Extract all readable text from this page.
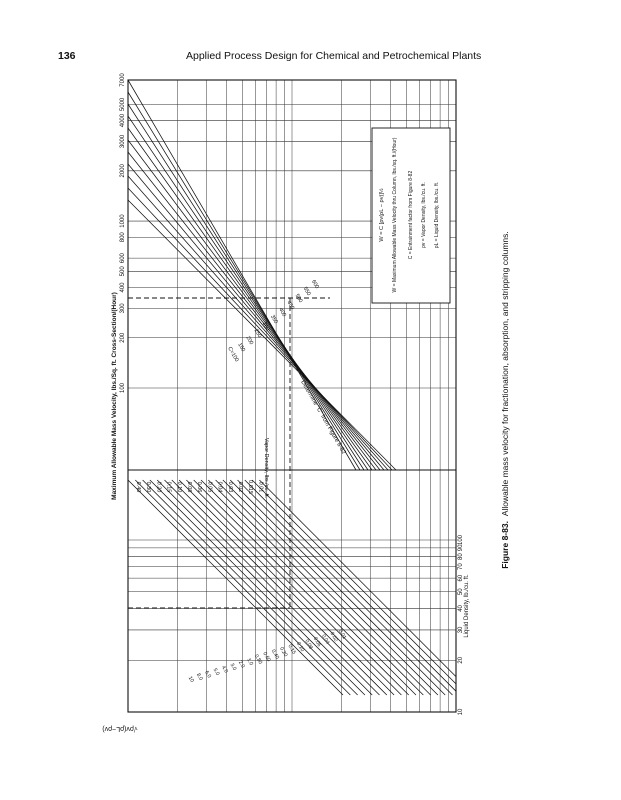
136	Applied Process Design for Chemical and Petrochemical Plants
100
200
300
400
500
600
800
1000
2000
3000
4000
5000
7000
10
20
30
40
50
60
70
80
90
100
0.40 0.30 0.20 0.15 0.10 0.08 0.06 0.05 0.04 0.03 0.02 0.015 0.01
10 8.0 6.0 5.0 4.0 3.0 2.0 1.0
0.80
0.60
0.40
0.20
0.15
0.10
0.08
0.06
0.04
0.02
0.01
C=100
150
200
250
300
350
400
450
500
550
600
Maximum Allowable Mass Velocity, lbs./Sq. ft. Cross-Section/(Hour)
Liquid Density, lb./cu. ft.
Vapor Density, lbs./cu. ft.
√ρv(ρL−ρv)
Determine "C" from Figure 8-82
W = C [ρv(ρL − ρv)]½ W = Maximum Allowable Mass Velocity thru Column, lbs./sq. ft./(Hour) C = Entrainment factor from Figure 8-82 ρv = Vapor Density, lbs./cu. ft. ρL = Liquid Density, lbs./cu. ft.
Figure 8-83. Allowable mass velocity for fractionation, absorption, and stripping columns.
